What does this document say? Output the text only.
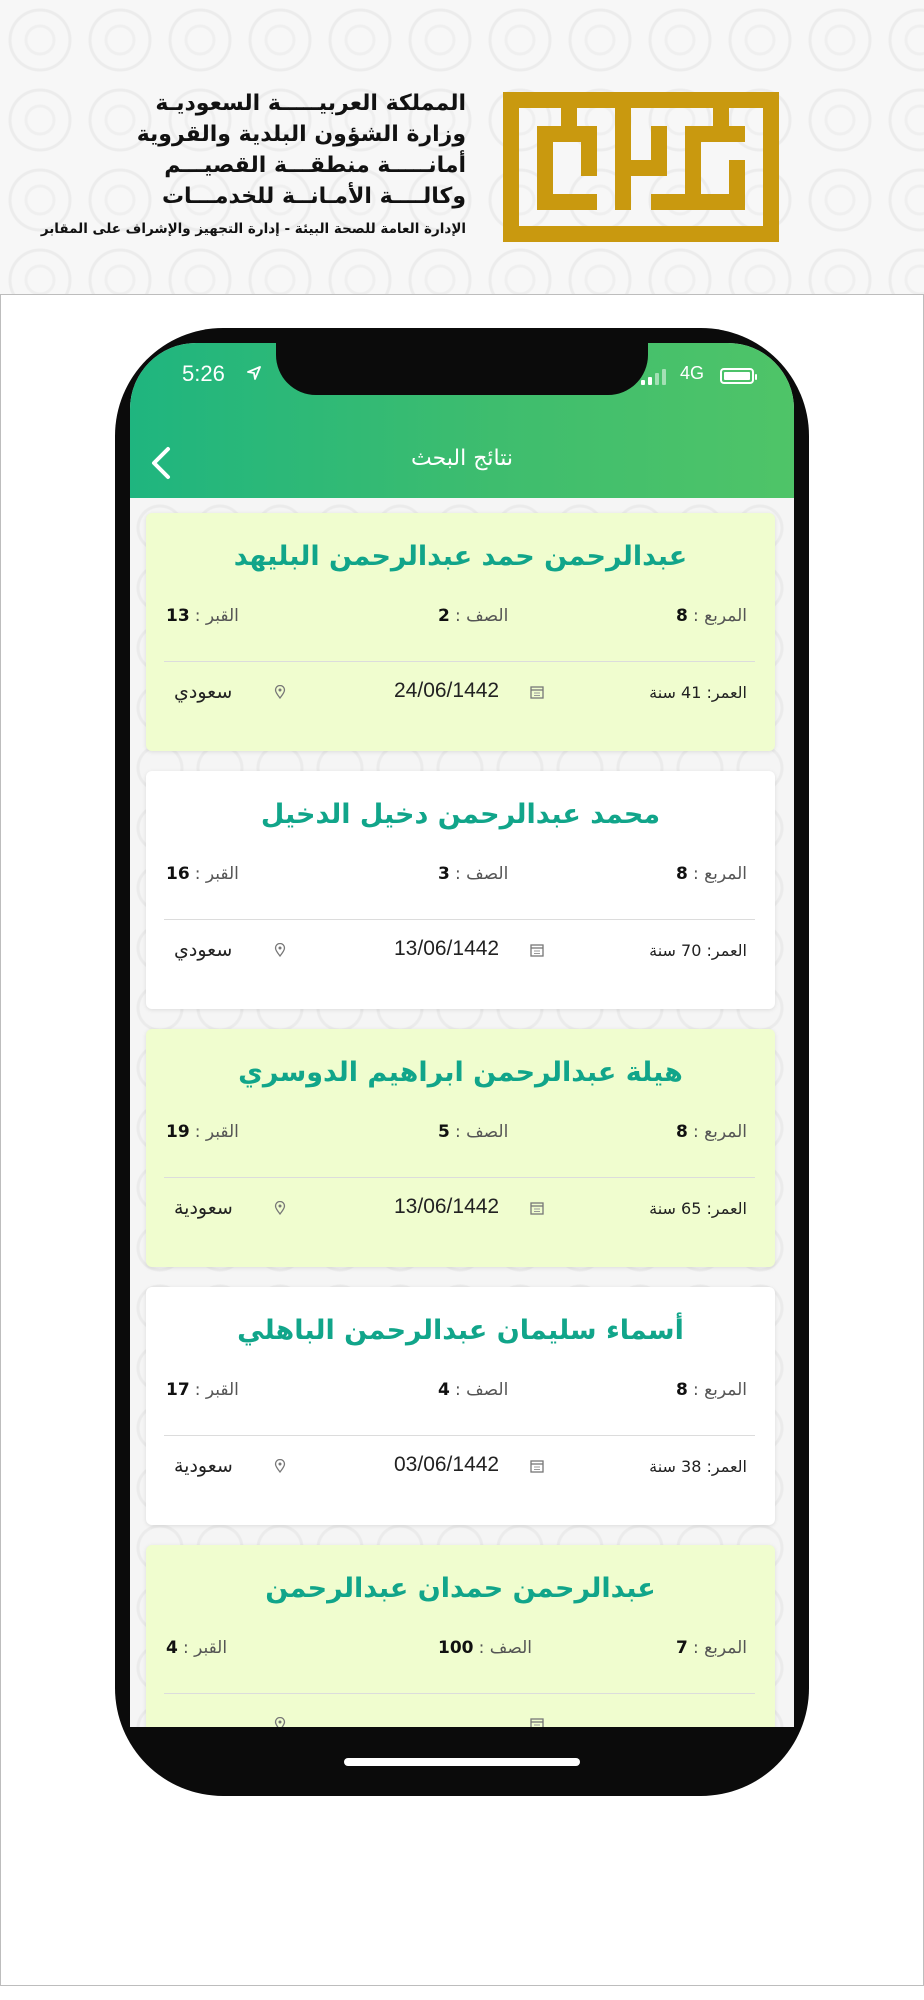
المملكة العربيـــــة السعوديـة
وزارة الشؤون البلدية والقروية
أمانـــــة منطقـــة القصيـــم
وكالــــة الأمـانــة للخدمـــات
الإدارة العامة للصحة البيئة - إدارة التجهيز والإشراف على المقابر
5:26	4G
نتائج البحث
عبدالرحمن حمد عبدالرحمن البليهد
المربع : 8
الصف : 2
القبر : 13
العمر: 41 سنة
24/06/1442
سعودي
محمد عبدالرحمن دخيل الدخيل
المربع : 8
الصف : 3
القبر : 16
العمر: 70 سنة
13/06/1442
سعودي
هيلة عبدالرحمن ابراهيم الدوسري
المربع : 8
الصف : 5
القبر : 19
العمر: 65 سنة
13/06/1442
سعودية
أسماء سليمان عبدالرحمن الباهلي
المربع : 8
الصف : 4
القبر : 17
العمر: 38 سنة
03/06/1442
سعودية
عبدالرحمن حمدان عبدالرحمن
المربع : 7
الصف : 100
القبر : 4
